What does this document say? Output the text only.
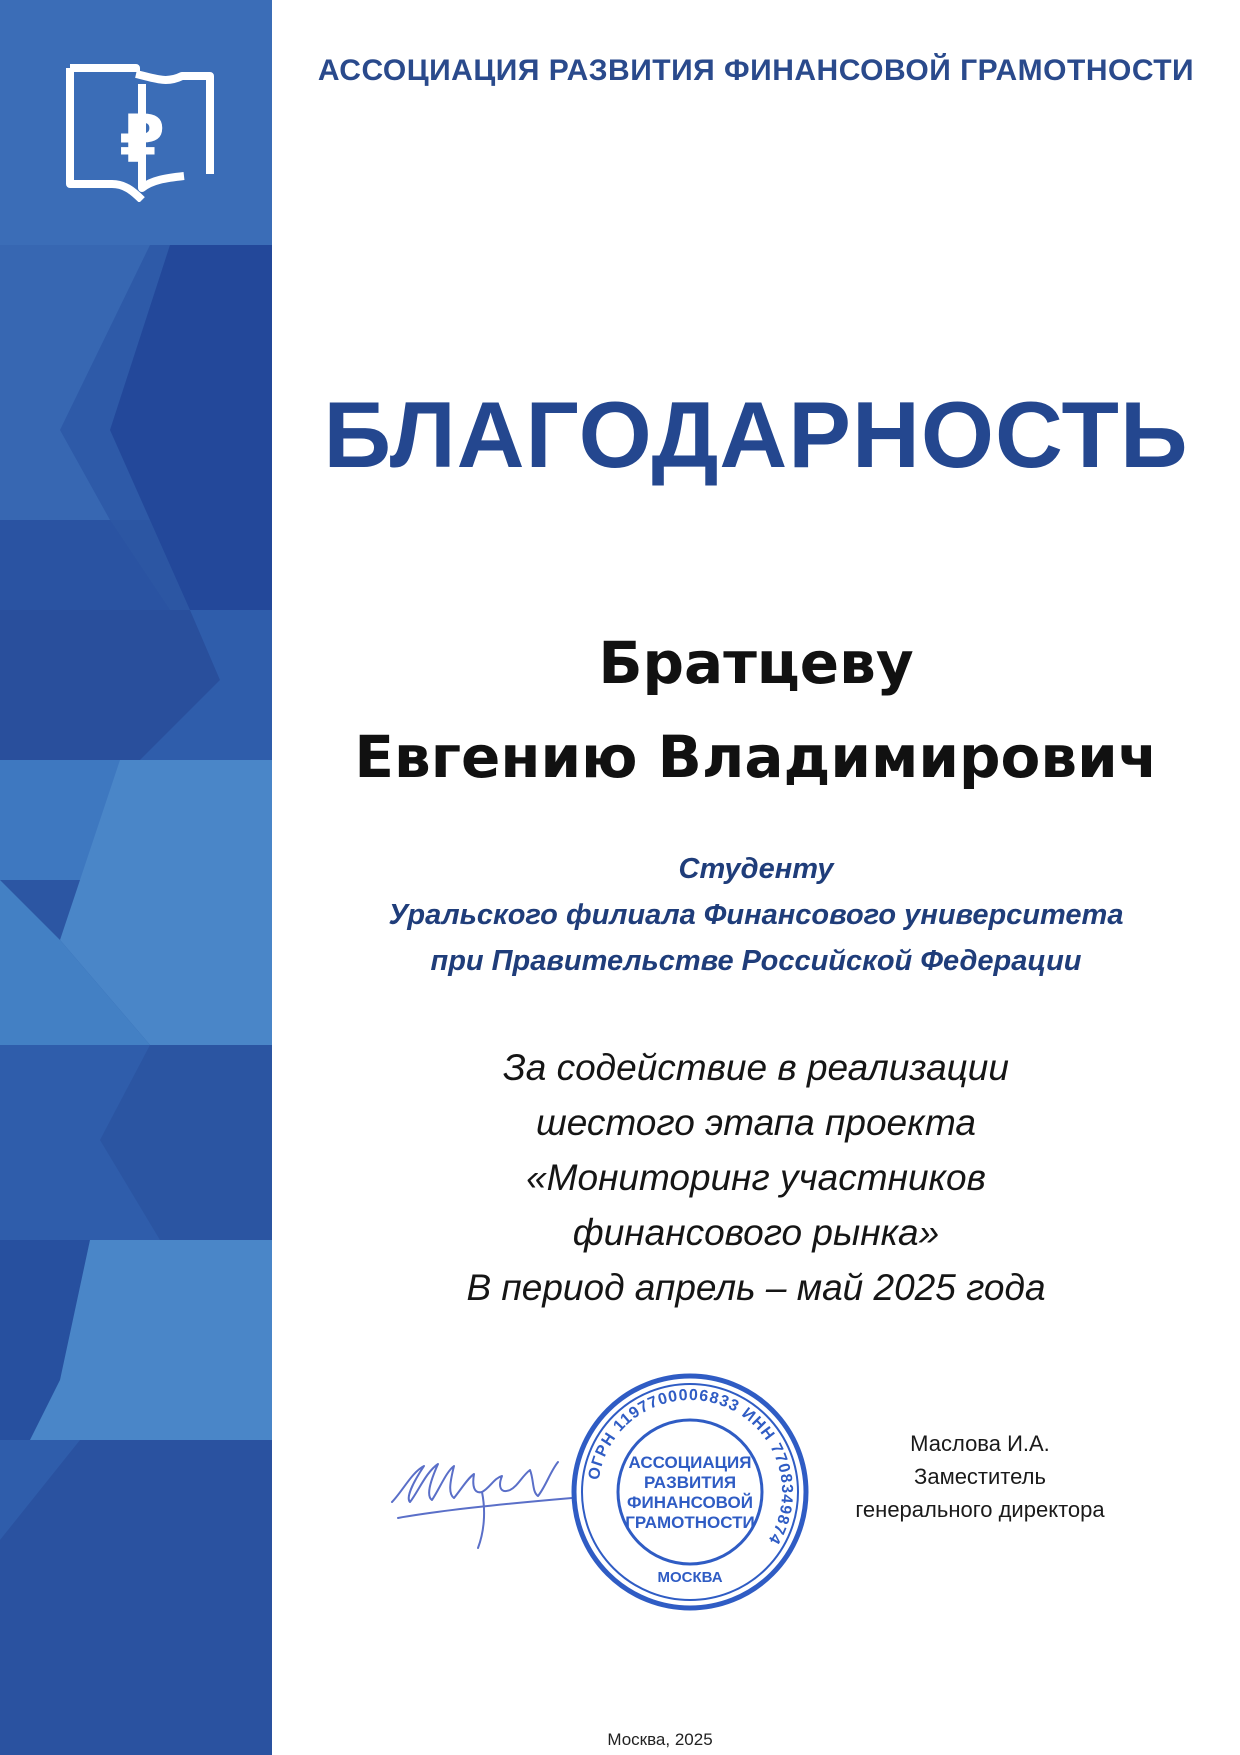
₽
АССОЦИАЦИЯ РАЗВИТИЯ ФИНАНСОВОЙ ГРАМОТНОСТИ
БЛАГОДАРНОСТЬ
Братцеву
Евгению Владимирович
Студенту
Уральского филиала Финансового университета
при Правительстве Российской Федерации
За содействие в реализации
шестого этапа проекта
«Мониторинг участников
финансового рынка»
В период апрель – май 2025 года
ОГРН 1197700006833 ИНН 7708349874
АССОЦИАЦИЯ
РАЗВИТИЯ
ФИНАНСОВОЙ
ГРАМОТНОСТИ
МОСКВА
Маслова И.А.
Заместитель
генерального директора
Москва, 2025
